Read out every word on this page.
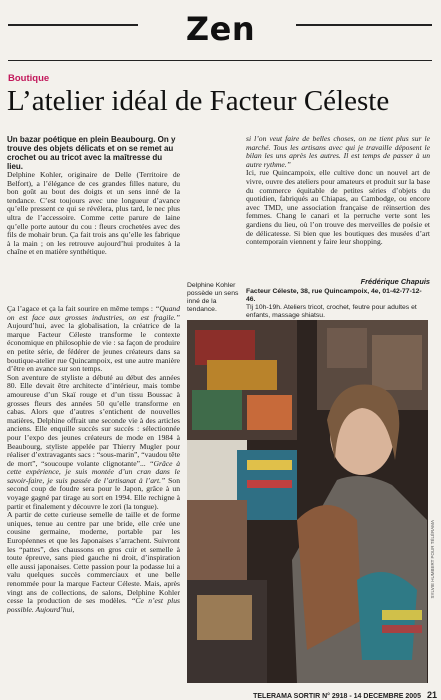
Zen
Boutique
L’atelier idéal de Facteur Céleste

Un bazar poétique en plein Beaubourg. On y trouve des objets délicats et on se remet au crochet ou au tricot avec la maîtresse du lieu.

Delphine Kohler, originaire de Delle (Territoire de Belfort), a l’élégance de ces grandes filles nature, du bon goût au bout des doigts et un sens inné de la tendance. C’est toujours avec une longueur d’avance qu’elle pressent ce qui se révélera, plus tard, le nec plus ultra de l’accessoire. Comme cette parure de laine qu’elle porte autour du cou : fleurs crochetées avec des fils de mohair brun. Ça fait trois ans qu’elle les fabrique à la main ; on les retrouve aujourd’hui produites à la chaîne et en matière synthétique.

Ça l’agace et ça la fait sourire en même temps : “Quand on est face aux grosses industries, on est fragile.” Aujourd’hui, avec la globalisation, la créatrice de la marque Facteur Céleste transforme le contexte économique en philosophie de vie : sa façon de produire en petite série, de fédérer de jeunes créateurs dans sa boutique-atelier rue Quincampoix, est une autre manière d’être en avance sur son temps.

Son aventure de styliste a débuté au début des années 80. Elle devait être architecte d’intérieur, mais tombe amoureuse d’un Skaï rouge et d’un tissu Boussac à grosses fleurs des années 50 qu’elle transforme en cabas. Alors que d’autres s’entichent de nouvelles matières, Delphine offrait une seconde vie à des articles anciens. Elle enquille succès sur succès : sélectionnée pour l’expo des jeunes créateurs de mode en 1984 à Beaubourg, styliste appelée par Thierry Mugler pour réaliser d’extravagants sacs : “sous-marin”, “vaudou tête de mort”, “soucoupe volante clignotante”... “Grâce à cette expérience, je suis montée d’un cran dans le savoir-faire, je suis passée de l’artisanat à l’art.” Son second coup de foudre sera pour le Japon, grâce à un voyage gagné par tirage au sort en 1994. Elle rechigne à partir et finalement y découvre le zori (la tongue).

A partir de cette curieuse semelle de taille et de forme uniques, tenue au centre par une bride, elle crée une cousine germaine, moderne, portable par les Européennes et que les Japonaises s’arrachent. Suivront les “pattes”, des chaussons en gros cuir et semelle à toute épreuve, sans pied gauche ni droit, d’inspiration elle aussi japonaises. Cette passion pour la podasse lui a valu quelques succès commerciaux et une belle renommée pour la marque Facteur Céleste. Mais, après vingt ans de collections, de salons, Delphine Kohler cesse la production de ses modèles. “Ce n’est plus possible. Aujourd’hui,

si l’on veut faire de belles choses, on ne tient plus sur le marché. Tous les artisans avec qui je travaille déposent le bilan les uns après les autres. Il est temps de passer à un autre rythme.”

Ici, rue Quincampoix, elle cultive donc un nouvel art de vivre, ouvre des ateliers pour amateurs et produit sur la base du commerce équitable de petites séries d’objets du quotidien, fabriqués au Chiapas, au Cambodge, ou encore avec TMD, une association française de réinsertion des femmes. Chang le canari et la perruche verte sont les gardiens du lieu, où l’on trouve des merveilles de poésie et de délicatesse. Si bien que les boutiques des musées d’art contemporain viennent y faire leur shopping.

Delphine Kohler possède un sens inné de la tendance.
Frédérique Chapuis
Facteur Céleste, 38, rue Quincampoix, 4e, 01-42-77-12-46.
Tlj 10h-19h. Ateliers tricot, crochet, feutre pour adultes et enfants, massage shiatsu.
SYLVIE HUMBERT POUR TÉLÉRAMA
TELERAMA SORTIR N° 2918 - 14 DECEMBRE 2005 21
